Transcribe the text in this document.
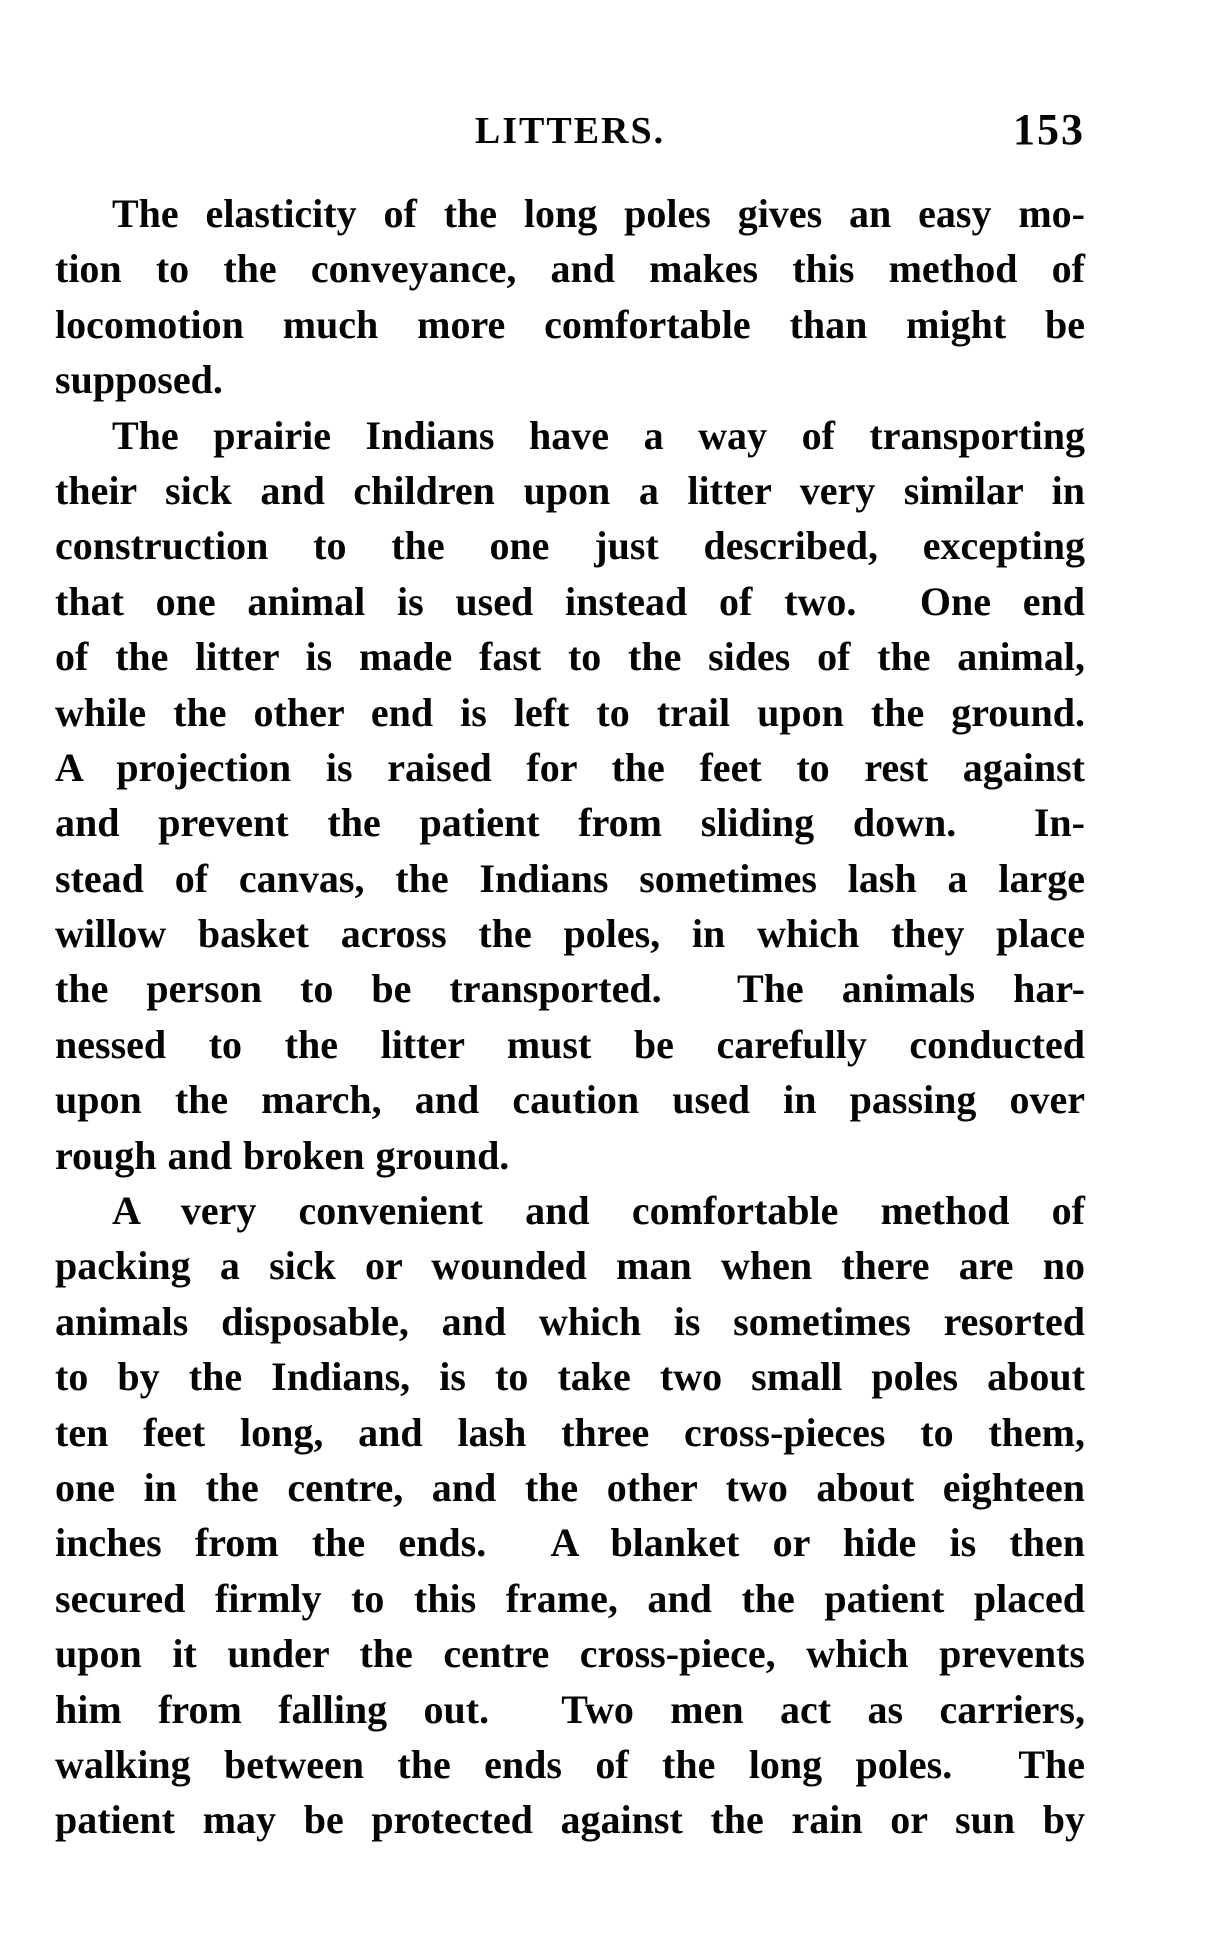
LITTERS.	153
The elasticity of the long poles gives an easy mo-
tion to the conveyance, and makes this method of
locomotion much more comfortable than might be
supposed.
The prairie Indians have a way of transporting
their sick and children upon a litter very similar in
construction to the one just described, excepting
that one animal is used instead of two.  One end
of the litter is made fast to the sides of the animal,
while the other end is left to trail upon the ground.
A projection is raised for the feet to rest against
and prevent the patient from sliding down.  In-
stead of canvas, the Indians sometimes lash a large
willow basket across the poles, in which they place
the person to be transported.  The animals har-
nessed to the litter must be carefully conducted
upon the march, and caution used in passing over
rough and broken ground.
A very convenient and comfortable method of
packing a sick or wounded man when there are no
animals disposable, and which is sometimes resorted
to by the Indians, is to take two small poles about
ten feet long, and lash three cross-pieces to them,
one in the centre, and the other two about eighteen
inches from the ends.  A blanket or hide is then
secured firmly to this frame, and the patient placed
upon it under the centre cross-piece, which prevents
him from falling out.  Two men act as carriers,
walking between the ends of the long poles.  The
patient may be protected against the rain or sun by
